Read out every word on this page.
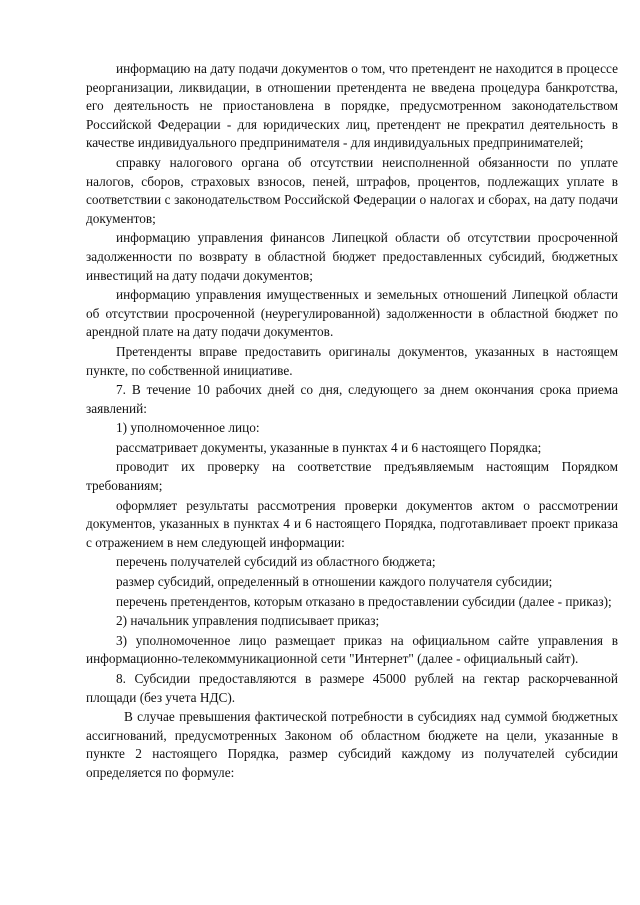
информацию на дату подачи документов о том, что претендент не находится в процессе реорганизации, ликвидации, в отношении претендента не введена процедура банкротства, его деятельность не приостановлена в порядке, предусмотренном законодательством Российской Федерации - для юридических лиц, претендент не прекратил деятельность в качестве индивидуального предпринимателя - для индивидуальных предпринимателей;

справку налогового органа об отсутствии неисполненной обязанности по уплате налогов, сборов, страховых взносов, пеней, штрафов, процентов, подлежащих уплате в соответствии с законодательством Российской Федерации о налогах и сборах, на дату подачи документов;

информацию управления финансов Липецкой области об отсутствии просроченной задолженности по возврату в областной бюджет предоставленных субсидий, бюджетных инвестиций на дату подачи документов;

информацию управления имущественных и земельных отношений Липецкой области об отсутствии просроченной (неурегулированной) задолженности в областной бюджет по арендной плате на дату подачи документов.

Претенденты вправе предоставить оригиналы документов, указанных в настоящем пункте, по собственной инициативе.

7. В течение 10 рабочих дней со дня, следующего за днем окончания срока приема заявлений:

1) уполномоченное лицо:

рассматривает документы, указанные в пунктах 4 и 6 настоящего Порядка;

проводит их проверку на соответствие предъявляемым настоящим Порядком требованиям;

оформляет результаты рассмотрения проверки документов актом о рассмотрении документов, указанных в пунктах 4 и 6 настоящего Порядка, подготавливает проект приказа с отражением в нем следующей информации:

перечень получателей субсидий из областного бюджета;

размер субсидий, определенный в отношении каждого получателя субсидии;

перечень претендентов, которым отказано в предоставлении субсидии (далее - приказ);

2) начальник управления подписывает приказ;

3) уполномоченное лицо размещает приказ на официальном сайте управления в информационно-телекоммуникационной сети "Интернет" (далее - официальный сайт).

8. Субсидии предоставляются в размере 45000 рублей на гектар раскорчеванной площади (без учета НДС).

В случае превышения фактической потребности в субсидиях над суммой бюджетных ассигнований, предусмотренных Законом об областном бюджете на цели, указанные в пункте 2 настоящего Порядка, размер субсидий каждому из получателей субсидии определяется по формуле:
